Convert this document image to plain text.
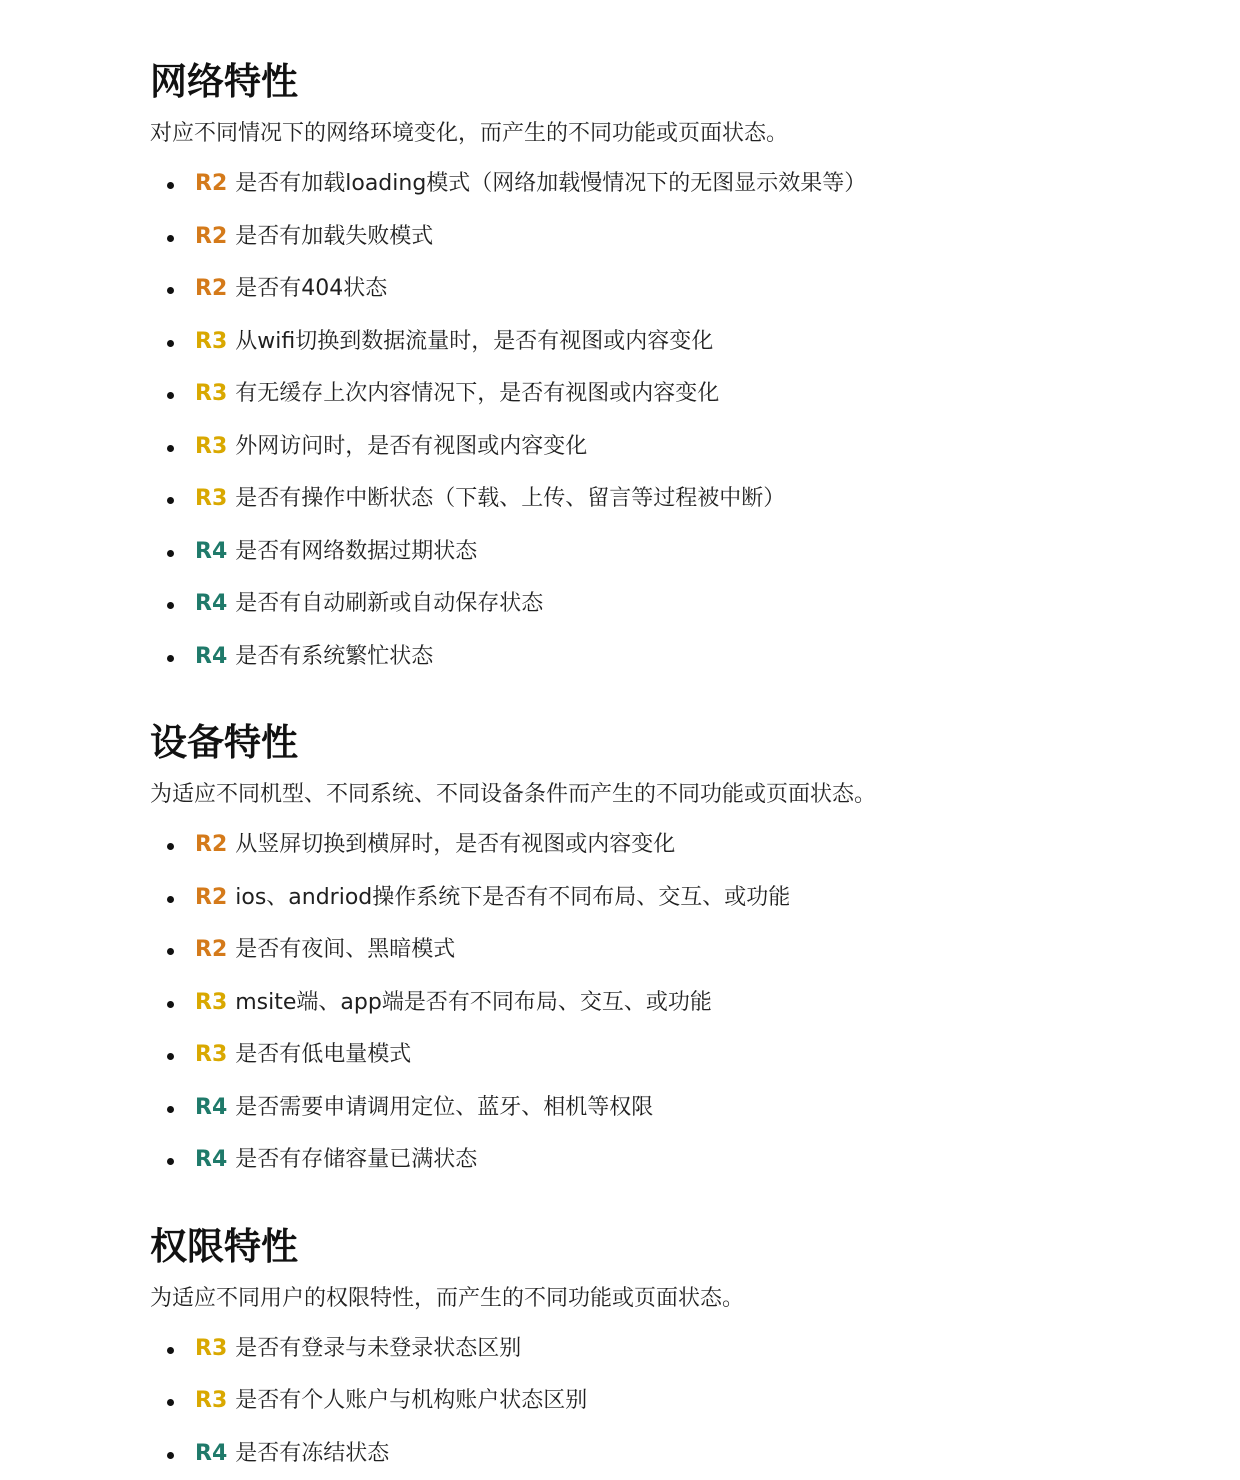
网络特性

对应不同情况下的网络环境变化，而产生的不同功能或页面状态。

R2 是否有加载loading模式（网络加载慢情况下的无图显示效果等）
R2 是否有加载失败模式
R2 是否有404状态
R3 从wifi切换到数据流量时，是否有视图或内容变化
R3 有无缓存上次内容情况下，是否有视图或内容变化
R3 外网访问时，是否有视图或内容变化
R3 是否有操作中断状态（下载、上传、留言等过程被中断）
R4 是否有网络数据过期状态
R4 是否有自动刷新或自动保存状态
R4 是否有系统繁忙状态
设备特性

为适应不同机型、不同系统、不同设备条件而产生的不同功能或页面状态。

R2 从竖屏切换到横屏时，是否有视图或内容变化
R2 ios、andriod操作系统下是否有不同布局、交互、或功能
R2 是否有夜间、黑暗模式
R3 msite端、app端是否有不同布局、交互、或功能
R3 是否有低电量模式
R4 是否需要申请调用定位、蓝牙、相机等权限
R4 是否有存储容量已满状态
权限特性

为适应不同用户的权限特性，而产生的不同功能或页面状态。

R3 是否有登录与未登录状态区别
R3 是否有个人账户与机构账户状态区别
R4 是否有冻结状态
